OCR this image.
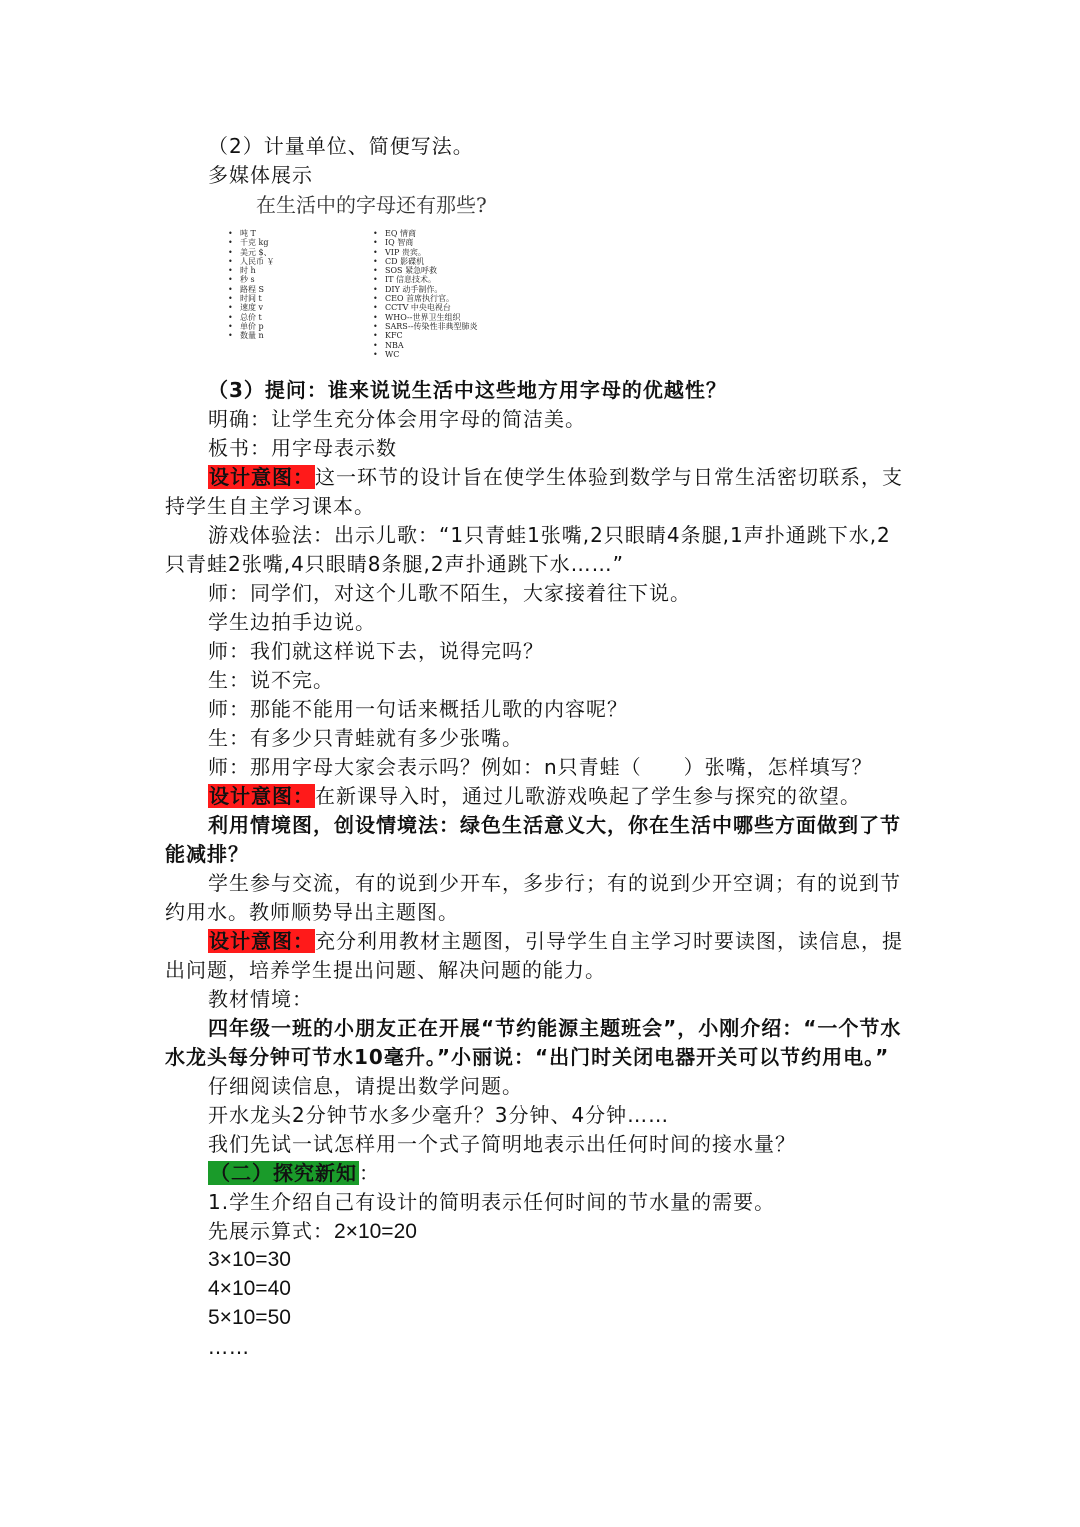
（2）计量单位、简便写法。
多媒体展示
在生活中的字母还有那些?
• 吨 T
• 千克 kg
• 美元 $、
• 人民币 ￥
• 时 h
• 秒 s
• 路程 S
• 时间 t
• 速度 v
• 总价 t
• 单价 p
• 数量 n
• EQ 情商
• IQ 智商
• VIP 贵宾。
• CD 影碟机
• SOS 紧急呼救
• IT 信息技术。
• DIY 动手制作。
• CEO 首席执行官。
• CCTV 中央电视台
• WHO--世界卫生组织
• SARS--传染性非典型肺炎
• KFC
• NBA
• WC
（3）提问：谁来说说生活中这些地方用字母的优越性？
明确：让学生充分体会用字母的简洁美。
板书：用字母表示数
设计意图：这一环节的设计旨在使学生体验到数学与日常生活密切联系，支
持学生自主学习课本。
游戏体验法：出示儿歌：“1只青蛙1张嘴,2只眼睛4条腿,1声扑通跳下水,2
只青蛙2张嘴,4只眼睛8条腿,2声扑通跳下水……”
师：同学们，对这个儿歌不陌生，大家接着往下说。
学生边拍手边说。
师：我们就这样说下去，说得完吗？
生：说不完。
师：那能不能用一句话来概括儿歌的内容呢？
生：有多少只青蛙就有多少张嘴。
师：那用字母大家会表示吗？例如：n只青蛙（　　）张嘴，怎样填写？
设计意图：在新课导入时，通过儿歌游戏唤起了学生参与探究的欲望。
利用情境图，创设情境法：绿色生活意义大，你在生活中哪些方面做到了节
能减排？
学生参与交流，有的说到少开车，多步行；有的说到少开空调；有的说到节
约用水。教师顺势导出主题图。
设计意图：充分利用教材主题图，引导学生自主学习时要读图，读信息，提
出问题，培养学生提出问题、解决问题的能力。
教材情境：
四年级一班的小朋友正在开展“节约能源主题班会”，小刚介绍：“一个节水
水龙头每分钟可节水10毫升。”小丽说：“出门时关闭电器开关可以节约用电。”
仔细阅读信息，请提出数学问题。
开水龙头2分钟节水多少毫升？3分钟、4分钟……
我们先试一试怎样用一个式子简明地表示出任何时间的接水量？
（二）探究新知 ：
1.学生介绍自己有设计的简明表示任何时间的节水量的需要。
先展示算式：2×10=20
3×10=30
4×10=40
5×10=50
……
